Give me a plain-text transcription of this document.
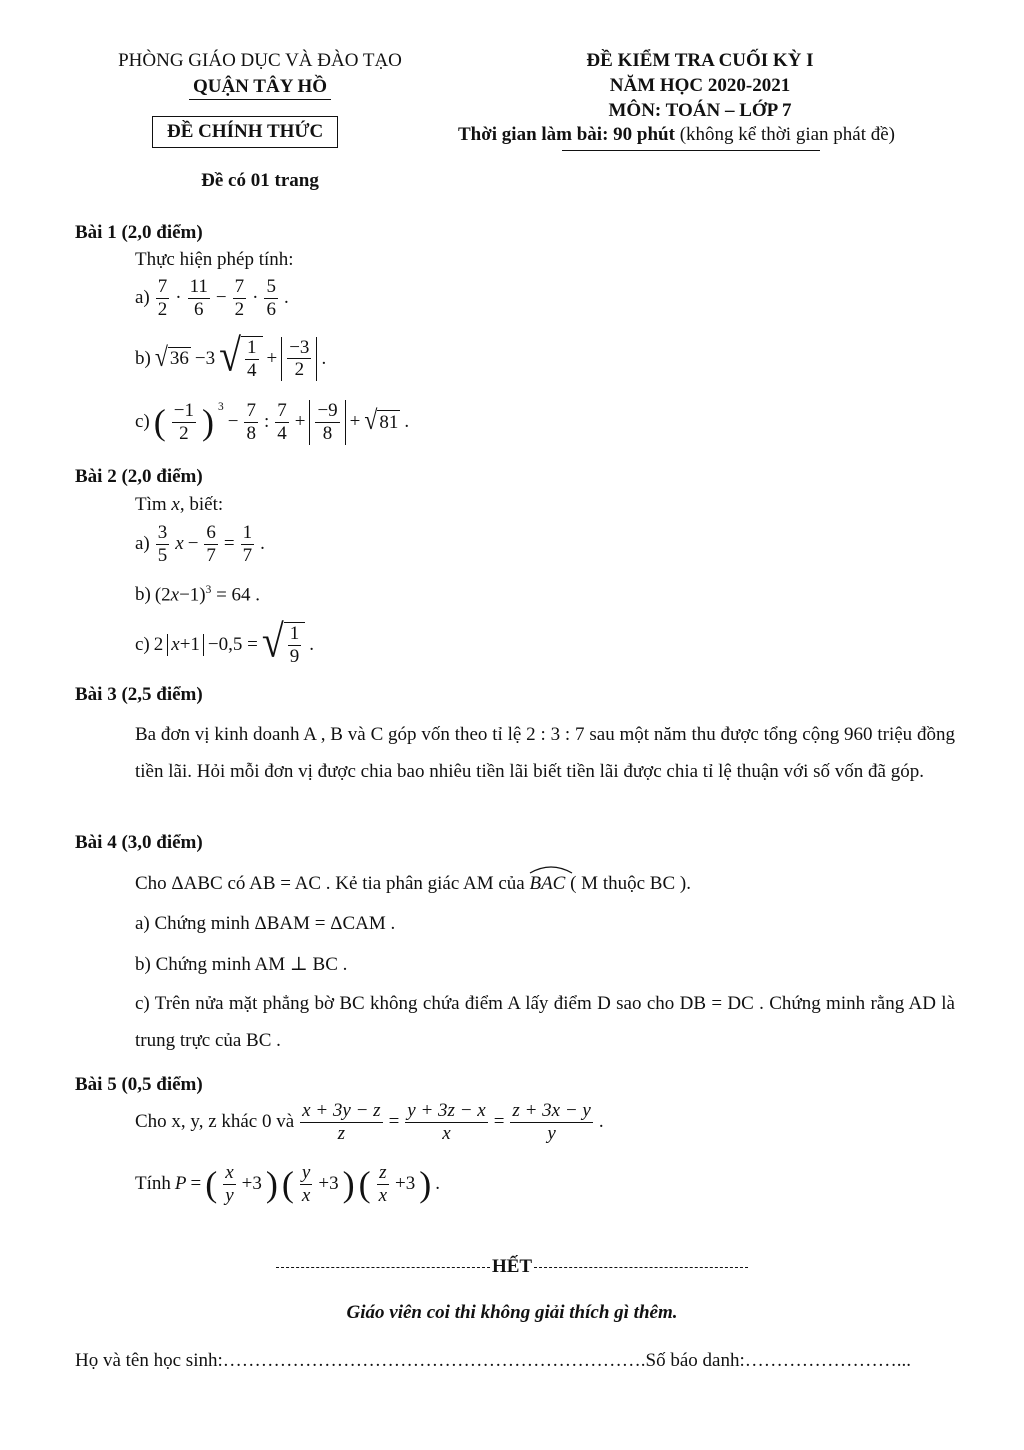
PHÒNG GIÁO DỤC VÀ ĐÀO TẠO
QUẬN TÂY HỒ
ĐỀ CHÍNH THỨC
Đề có 01 trang
ĐỀ KIỂM TRA CUỐI KỲ I
NĂM HỌC 2020-2021
MÔN: TOÁN – LỚP 7
Thời gian làm bài: 90 phút (không kể thời gian phát đề)
Bài 1 (2,0 điểm)
Thực hiện phép tính:
$a) \frac{7}{2} \cdot \frac{11}{6} - \frac{7}{2} \cdot \frac{5}{6}$ .
b) √ 36 −3 √ $\frac{1}{4} + \frac{-3}{2}$ .
c) ( $\frac{-1}{2}$ ) $^3$
− $\frac{7}{8}$ : $\frac{7}{4} + \frac{-9}{8}$ + √ 81 .
Bài 2 (2,0 điểm)
Tìm x, biết:
$a) \frac{3}{5}$ $x - \frac{6}{7} = \frac{1}{7}$ .
b) $(2x-1)^3 = 64$ .
c) 2 x +1 −0,5 = √ $\frac{1}{9}$ .
Bài 3 (2,5 điểm)
Ba đơn vị kinh doanh A , B và C góp vốn theo tỉ lệ 2 : 3 : 7 sau một năm thu được tổng cộng 960 triệu đồng tiền lãi. Hỏi mỗi đơn vị được chia bao nhiêu tiền lãi biết tiền lãi được chia tỉ lệ thuận với số vốn đã góp.
Bài 4 (3,0 điểm)
Cho ΔABC có AB = AC . Kẻ tia phân giác AM của BAC ( M thuộc BC ).
a) Chứng minh ΔBAM = ΔCAM .
b) Chứng minh AM ⊥ BC .
c) Trên nửa mặt phẳng bờ BC không chứa điểm A lấy điểm D sao cho DB = DC . Chứng minh rằng AD là trung trực của BC .
Bài 5 (0,5 điểm)
Cho x, y, z khác 0 và $\frac{x + 3y - z}{z} = \frac{y + 3z - x}{x} = \frac{z + 3x - y}{y}$ .
Tính P = ( $\frac{x}{y} +3$ ) ( $\frac{y}{x} +3$ ) ( $\frac{z}{x} +3$ ) .
HẾT
Giáo viên coi thi không giải thích gì thêm.
Họ và tên học sinh: …………………………………………………………. Số báo danh: ……………………...
